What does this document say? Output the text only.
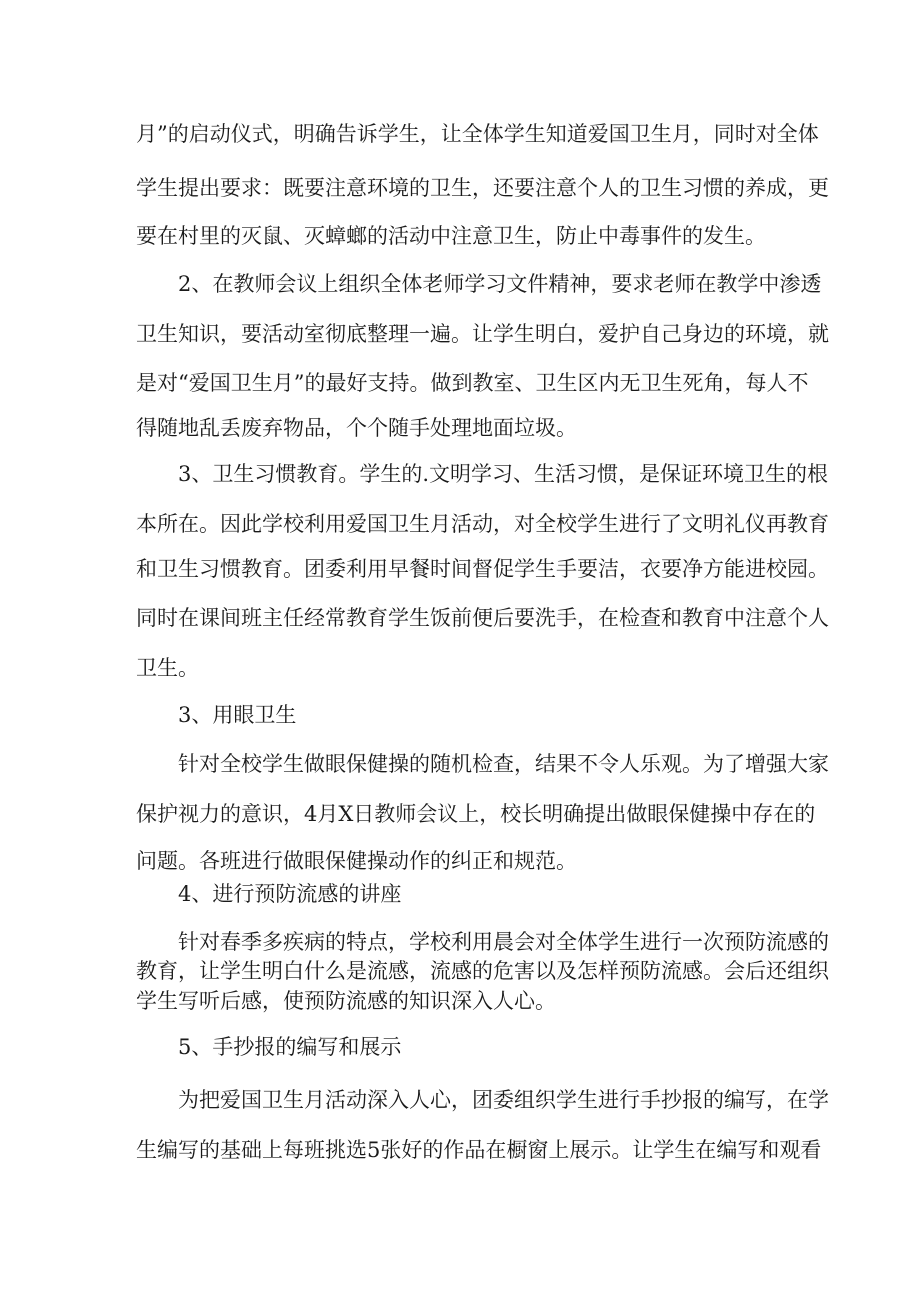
月”的启动仪式，明确告诉学生，让全体学生知道爱国卫生月，同时对全体
学生提出要求：既要注意环境的卫生，还要注意个人的卫生习惯的养成，更
要在村里的灭鼠、灭蟑螂的活动中注意卫生，防止中毒事件的发生。
2、在教师会议上组织全体老师学习文件精神，要求老师在教学中渗透
卫生知识，要活动室彻底整理一遍。让学生明白，爱护自己身边的环境，就
是对“爱国卫生月”的最好支持。做到教室、卫生区内无卫生死角，每人不
得随地乱丢废弃物品，个个随手处理地面垃圾。
3、卫生习惯教育。学生的.文明学习、生活习惯，是保证环境卫生的根
本所在。因此学校利用爱国卫生月活动，对全校学生进行了文明礼仪再教育
和卫生习惯教育。团委利用早餐时间督促学生手要洁，衣要净方能进校园。
同时在课间班主任经常教育学生饭前便后要洗手，在检查和教育中注意个人
卫生。
3、用眼卫生
针对全校学生做眼保健操的随机检查，结果不令人乐观。为了增强大家
保护视力的意识，4月X日教师会议上，校长明确提出做眼保健操中存在的
问题。各班进行做眼保健操动作的纠正和规范。
4、进行预防流感的讲座
针对春季多疾病的特点，学校利用晨会对全体学生进行一次预防流感的
教育，让学生明白什么是流感，流感的危害以及怎样预防流感。会后还组织
学生写听后感，使预防流感的知识深入人心。
5、手抄报的编写和展示
为把爱国卫生月活动深入人心，团委组织学生进行手抄报的编写，在学
生编写的基础上每班挑选5张好的作品在橱窗上展示。让学生在编写和观看
